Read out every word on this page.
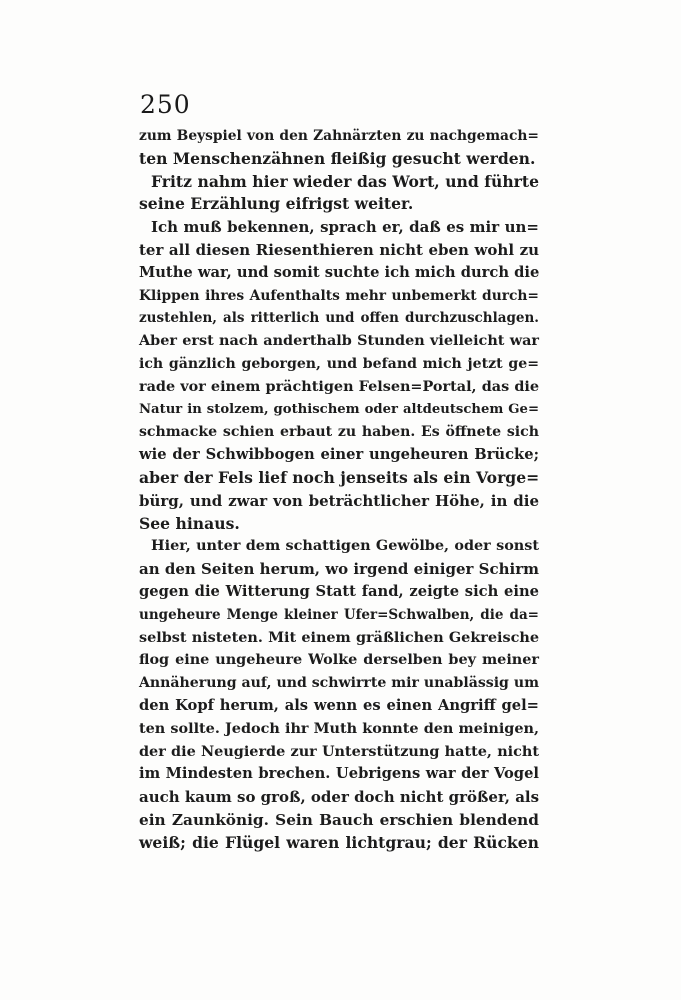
250
zum Beyspiel von den Zahnärzten zu nachgemach=
ten Menschenzähnen fleißig gesucht werden.
Fritz nahm hier wieder das Wort, und führte
seine Erzählung eifrigst weiter.
Ich muß bekennen, sprach er, daß es mir un=
ter all diesen Riesenthieren nicht eben wohl zu
Muthe war, und somit suchte ich mich durch die
Klippen ihres Aufenthalts mehr unbemerkt durch=
zustehlen, als ritterlich und offen durchzuschlagen.
Aber erst nach anderthalb Stunden vielleicht war
ich gänzlich geborgen, und befand mich jetzt ge=
rade vor einem prächtigen Felsen=Portal, das die
Natur in stolzem, gothischem oder altdeutschem Ge=
schmacke schien erbaut zu haben. Es öffnete sich
wie der Schwibbogen einer ungeheuren Brücke;
aber der Fels lief noch jenseits als ein Vorge=
bürg, und zwar von beträchtlicher Höhe, in die
See hinaus.
Hier, unter dem schattigen Gewölbe, oder sonst
an den Seiten herum, wo irgend einiger Schirm
gegen die Witterung Statt fand, zeigte sich eine
ungeheure Menge kleiner Ufer=Schwalben, die da=
selbst nisteten. Mit einem gräßlichen Gekreische
flog eine ungeheure Wolke derselben bey meiner
Annäherung auf, und schwirrte mir unablässig um
den Kopf herum, als wenn es einen Angriff gel=
ten sollte. Jedoch ihr Muth konnte den meinigen,
der die Neugierde zur Unterstützung hatte, nicht
im Mindesten brechen. Uebrigens war der Vogel
auch kaum so groß, oder doch nicht größer, als
ein Zaunkönig. Sein Bauch erschien blendend
weiß; die Flügel waren lichtgrau; der Rücken
